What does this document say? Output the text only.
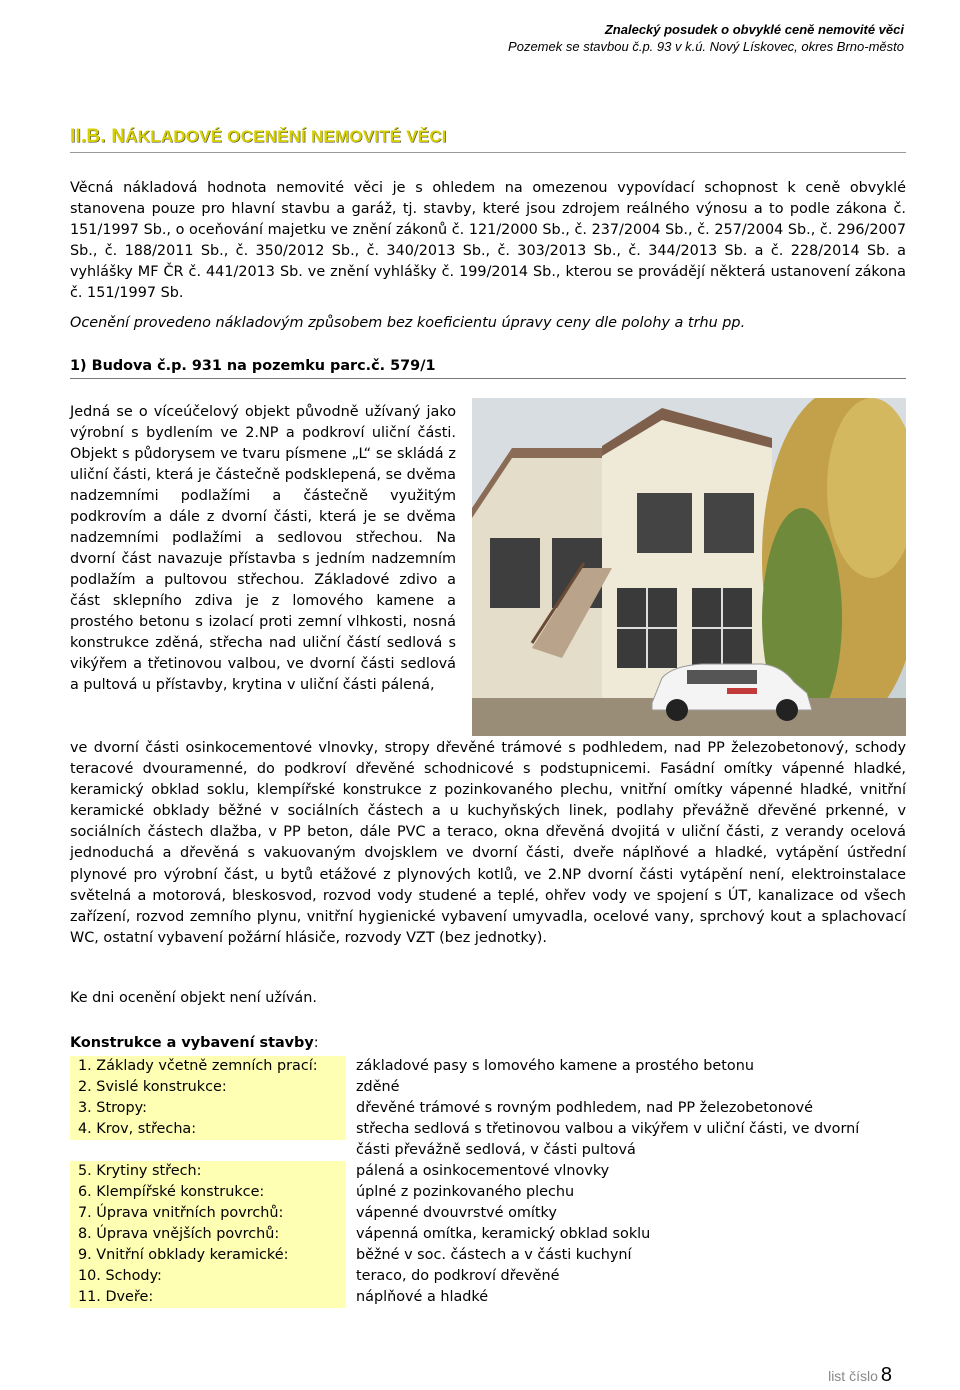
Znalecký posudek o obvyklé ceně nemovité věci
Pozemek se stavbou č.p. 93 v k.ú. Nový Lískovec, okres Brno-město
II.B. NÁKLADOVÉ OCENĚNÍ NEMOVITÉ VĚCI

Věcná nákladová hodnota nemovité věci je s ohledem na omezenou vypovídací schopnost k ceně obvyklé stanovena pouze pro hlavní stavbu a garáž, tj. stavby, které jsou zdrojem reálného výnosu a to podle zákona č. 151/1997 Sb., o oceňování majetku ve znění zákonů č. 121/2000 Sb., č. 237/2004 Sb., č. 257/2004 Sb., č. 296/2007 Sb., č. 188/2011 Sb., č. 350/2012 Sb., č. 340/2013 Sb., č. 303/2013 Sb., č. 344/2013 Sb. a č. 228/2014 Sb. a vyhlášky MF ČR č. 441/2013 Sb. ve znění vyhlášky č. 199/2014 Sb., kterou se provádějí některá ustanovení zákona č. 151/1997 Sb.

Ocenění provedeno nákladovým způsobem bez koeficientu úpravy ceny dle polohy a trhu pp.

1) Budova č.p. 931 na pozemku parc.č. 579/1

Jedná se o víceúčelový objekt původně užívaný jako výrobní s bydlením ve 2.NP a podkroví uliční části. Objekt s půdorysem ve tvaru písmene „L“ se skládá z uliční části, která je částečně podsklepená, se dvěma nadzemními podlažími a částečně využitým podkrovím a dále z dvorní části, která je se dvěma nadzemními podlažími a sedlovou střechou. Na dvorní část navazuje přístavba s jedním nadzemním podlažím a pultovou střechou. Základové zdivo a část sklepního zdiva je z lomového kamene a prostého betonu s izolací proti zemní vlhkosti, nosná konstrukce zděná, střecha nad uliční částí sedlová s vikýřem a třetinovou valbou, ve dvorní části sedlová a pultová u přístavby, krytina v uliční části pálená,

ve dvorní části osinkocementové vlnovky, stropy dřevěné trámové s podhledem, nad PP železobetonový, schody teracové dvouramenné, do podkroví dřevěné schodnicové s podstupnicemi. Fasádní omítky vápenné hladké, keramický obklad soklu, klempířské konstrukce z pozinkovaného plechu, vnitřní omítky vápenné hladké, vnitřní keramické obklady běžné v sociálních částech a u kuchyňských linek, podlahy převážně dřevěné prkenné, v sociálních částech dlažba, v PP beton, dále PVC a teraco, okna dřevěná dvojitá v uliční části, z verandy ocelová jednoduchá a dřevěná s vakuovaným dvojsklem ve dvorní části, dveře náplňové a hladké, vytápění ústřední plynové pro výrobní část, u bytů etážové z plynových kotlů, ve 2.NP dvorní části vytápění není, elektroinstalace světelná a motorová, bleskosvod, rozvod vody studené a teplé, ohřev vody ve spojení s ÚT, kanalizace od všech zařízení, rozvod zemního plynu, vnitřní hygienické vybavení umyvadla, ocelové vany, sprchový kout a splachovací WC, ostatní vybavení požární hlásiče, rozvody VZT (bez jednotky).

Ke dni ocenění objekt není užíván.

Konstrukce a vybavení stavby:

1. Základy včetně zemních prací:		základové pasy s lomového kamene a prostého betonu
2. Svislé konstrukce:		zděné
3. Stropy:		dřevěné trámové s rovným podhledem, nad PP železobetonové
4. Krov, střecha:		střecha sedlová s třetinovou valbou a vikýřem v uliční části, ve dvorní
		části převážně sedlová, v části pultová
5. Krytiny střech:		pálená a osinkocementové vlnovky
6. Klempířské konstrukce:		úplné z pozinkovaného plechu
7. Úprava vnitřních povrchů:		vápenné dvouvrstvé omítky
8. Úprava vnějších povrchů:		vápenná omítka, keramický obklad soklu
9. Vnitřní obklady keramické:		běžné v soc. částech a v části kuchyní
10. Schody:		teraco, do podkroví dřevěné
11. Dveře:		náplňové a hladké
list číslo 8
